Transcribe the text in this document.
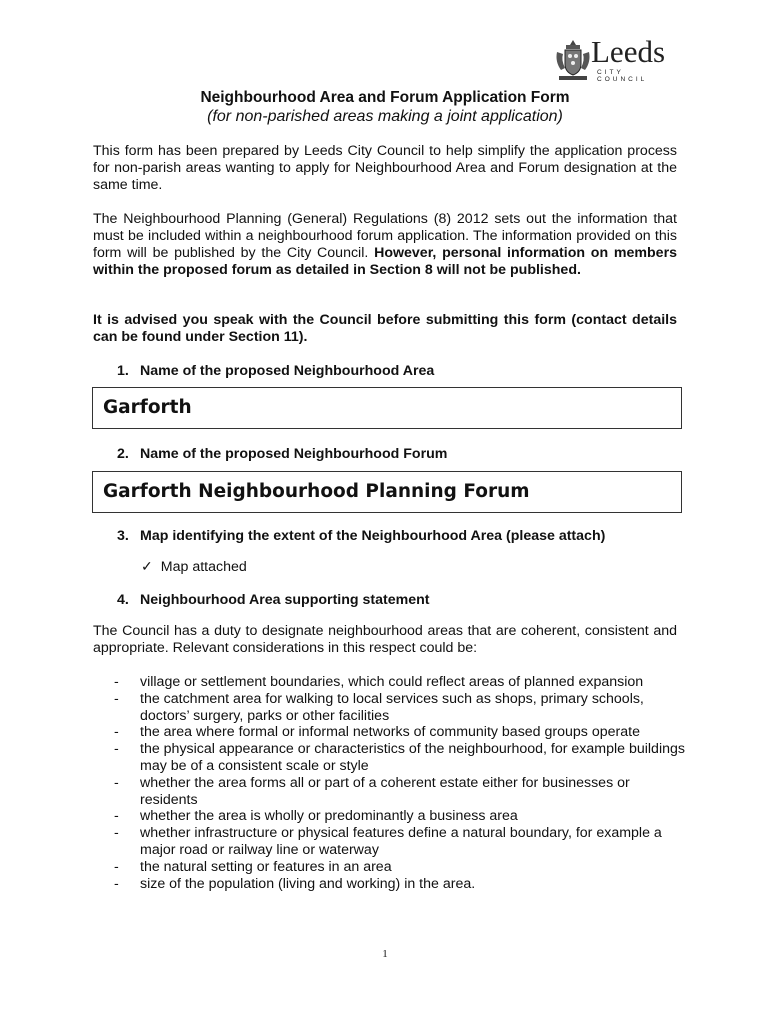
Leeds
CITY COUNCIL
Neighbourhood Area and Forum Application Form
(for non-parished areas making a joint application)

This form has been prepared by Leeds City Council to help simplify the application process for non-parish areas wanting to apply for Neighbourhood Area and Forum designation at the same time.

The Neighbourhood Planning (General) Regulations (8) 2012 sets out the information that must be included within a neighbourhood forum application. The information provided on this form will be published by the City Council. However, personal information on members within the proposed forum as detailed in Section 8 will not be published.

It is advised you speak with the Council before submitting this form (contact details can be found under Section 11).

1. Name of the proposed Neighbourhood Area
Garforth
2. Name of the proposed Neighbourhood Forum
Garforth Neighbourhood Planning Forum
3. Map identifying the extent of the Neighbourhood Area (please attach)
✓ Map attached
4. Neighbourhood Area supporting statement

The Council has a duty to designate neighbourhood areas that are coherent, consistent and appropriate. Relevant considerations in this respect could be:

- village or settlement boundaries, which could reflect areas of planned expansion
- the catchment area for walking to local services such as shops, primary schools, doctors’ surgery, parks or other facilities
- the area where formal or informal networks of community based groups operate
- the physical appearance or characteristics of the neighbourhood, for example buildings may be of a consistent scale or style
- whether the area forms all or part of a coherent estate either for businesses or residents
- whether the area is wholly or predominantly a business area
- whether infrastructure or physical features define a natural boundary, for example a major road or railway line or waterway
- the natural setting or features in an area
- size of the population (living and working) in the area.
1
